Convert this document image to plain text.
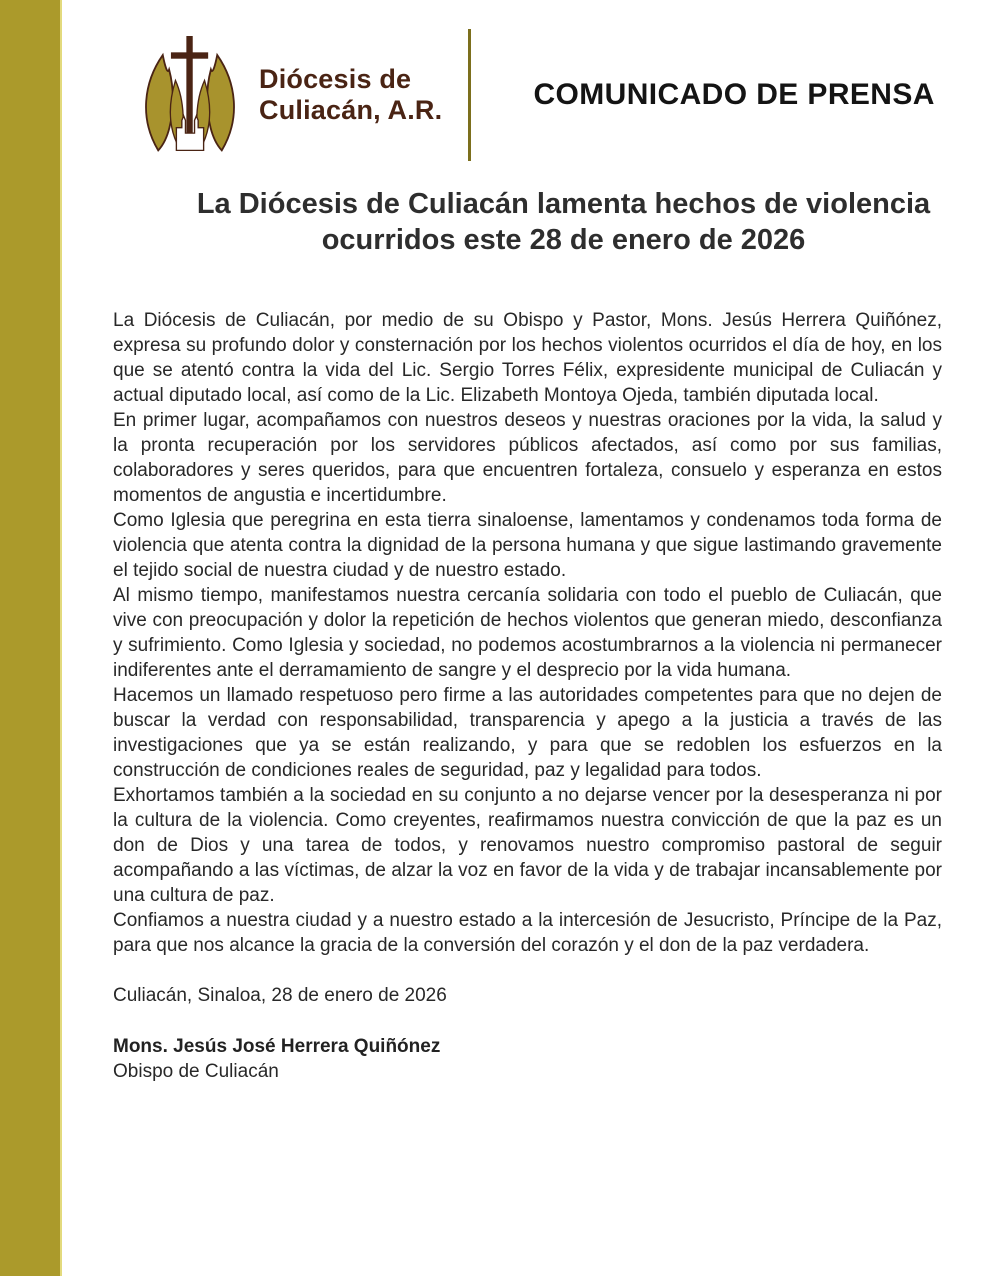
Diócesis de
Culiacán, A.R.	COMUNICADO DE PRENSA
La Diócesis de Culiacán lamenta hechos de violencia ocurridos este 28 de enero de 2026

La Diócesis de Culiacán, por medio de su Obispo y Pastor, Mons. Jesús Herrera Quiñónez, expresa su profundo dolor y consternación por los hechos violentos ocurridos el día de hoy, en los que se atentó contra la vida del Lic. Sergio Torres Félix, expresidente municipal de Culiacán y actual diputado local, así como de la Lic. Elizabeth Montoya Ojeda, también diputada local.

En primer lugar, acompañamos con nuestros deseos y nuestras oraciones por la vida, la salud y la pronta recuperación por los servidores públicos afectados, así como por sus familias, colaboradores y seres queridos, para que encuentren fortaleza, consuelo y esperanza en estos momentos de angustia e incertidumbre.

Como Iglesia que peregrina en esta tierra sinaloense, lamentamos y condenamos toda forma de violencia que atenta contra la dignidad de la persona humana y que sigue lastimando gravemente el tejido social de nuestra ciudad y de nuestro estado.

Al mismo tiempo, manifestamos nuestra cercanía solidaria con todo el pueblo de Culiacán, que vive con preocupación y dolor la repetición de hechos violentos que generan miedo, desconfianza y sufrimiento. Como Iglesia y sociedad, no podemos acostumbrarnos a la violencia ni permanecer indiferentes ante el derramamiento de sangre y el desprecio por la vida humana.

Hacemos un llamado respetuoso pero firme a las autoridades competentes para que no dejen de buscar la verdad con responsabilidad, transparencia y apego a la justicia a través de las investigaciones que ya se están realizando, y para que se redoblen los esfuerzos en la construcción de condiciones reales de seguridad, paz y legalidad para todos.

Exhortamos también a la sociedad en su conjunto a no dejarse vencer por la desesperanza ni por la cultura de la violencia. Como creyentes, reafirmamos nuestra convicción de que la paz es un don de Dios y una tarea de todos, y renovamos nuestro compromiso pastoral de seguir acompañando a las víctimas, de alzar la voz en favor de la vida y de trabajar incansablemente por una cultura de paz.

Confiamos a nuestra ciudad y a nuestro estado a la intercesión de Jesucristo, Príncipe de la Paz, para que nos alcance la gracia de la conversión del corazón y el don de la paz verdadera.

Culiacán, Sinaloa, 28 de enero de 2026

Mons. Jesús José Herrera Quiñónez

Obispo de Culiacán
